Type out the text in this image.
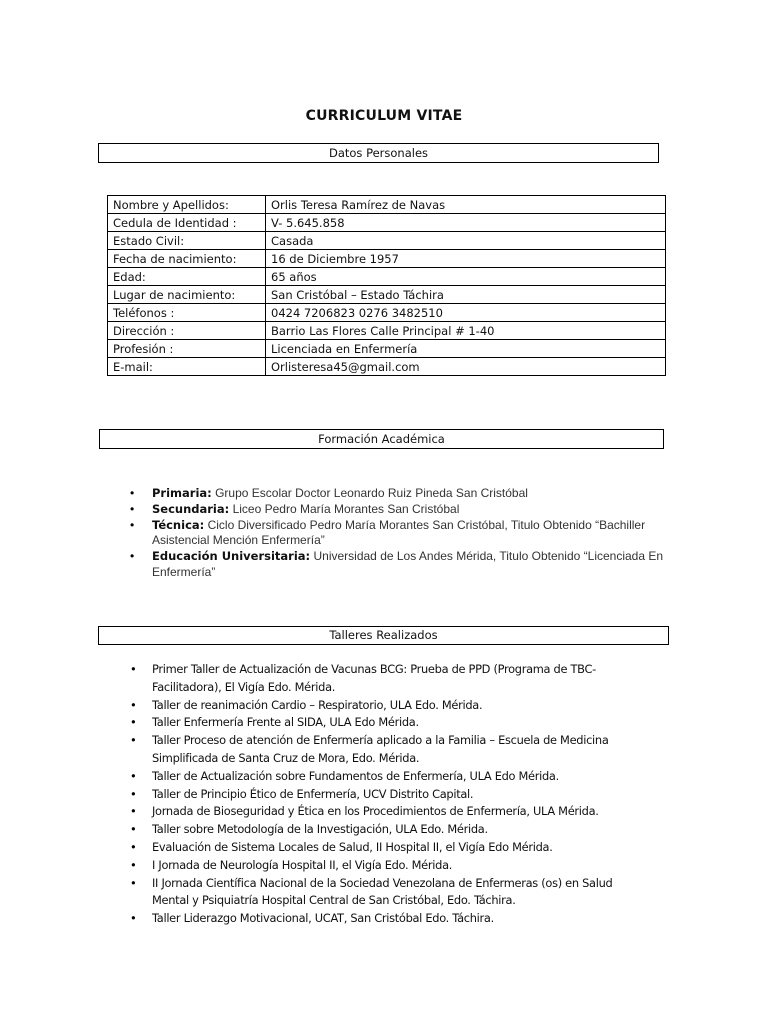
CURRICULUM VITAE
Datos Personales
Nombre y Apellidos:	Orlis Teresa Ramírez de Navas
Cedula de Identidad :	V- 5.645.858
Estado Civil:	Casada
Fecha de nacimiento:	16 de Diciembre 1957
Edad:	65 años
Lugar de nacimiento:	San Cristóbal – Estado Táchira
Teléfonos :	0424 7206823 0276 3482510
Dirección :	Barrio Las Flores Calle Principal # 1-40
Profesión :	Licenciada en Enfermería
E-mail:	Orlisteresa45@gmail.com
Formación Académica
• Primaria: Grupo Escolar Doctor Leonardo Ruiz Pineda San Cristóbal
• Secundaria: Liceo Pedro María Morantes San Cristóbal
• Técnica: Ciclo Diversificado Pedro María Morantes San Cristóbal, Titulo Obtenido “Bachiller Asistencial Mención Enfermería”
• Educación Universitaria: Universidad de Los Andes Mérida, Titulo Obtenido “Licenciada En Enfermería”
Talleres Realizados
• Primer Taller de Actualización de Vacunas BCG: Prueba de PPD (Programa de TBC-Facilitadora), El Vigía Edo. Mérida.
• Taller de reanimación Cardio – Respiratorio, ULA Edo. Mérida.
• Taller Enfermería Frente al SIDA, ULA Edo Mérida.
• Taller Proceso de atención de Enfermería aplicado a la Familia – Escuela de Medicina Simplificada de Santa Cruz de Mora, Edo. Mérida.
• Taller de Actualización sobre Fundamentos de Enfermería, ULA Edo Mérida.
• Taller de Principio Ético de Enfermería, UCV Distrito Capital.
• Jornada de Bioseguridad y Ética en los Procedimientos de Enfermería, ULA Mérida.
• Taller sobre Metodología de la Investigación, ULA Edo. Mérida.
• Evaluación de Sistema Locales de Salud, II Hospital II, el Vigía Edo Mérida.
• I Jornada de Neurología Hospital II, el Vigía Edo. Mérida.
• II Jornada Científica Nacional de la Sociedad Venezolana de Enfermeras (os) en Salud Mental y Psiquiatría Hospital Central de San Cristóbal, Edo. Táchira.
• Taller Liderazgo Motivacional, UCAT, San Cristóbal Edo. Táchira.
